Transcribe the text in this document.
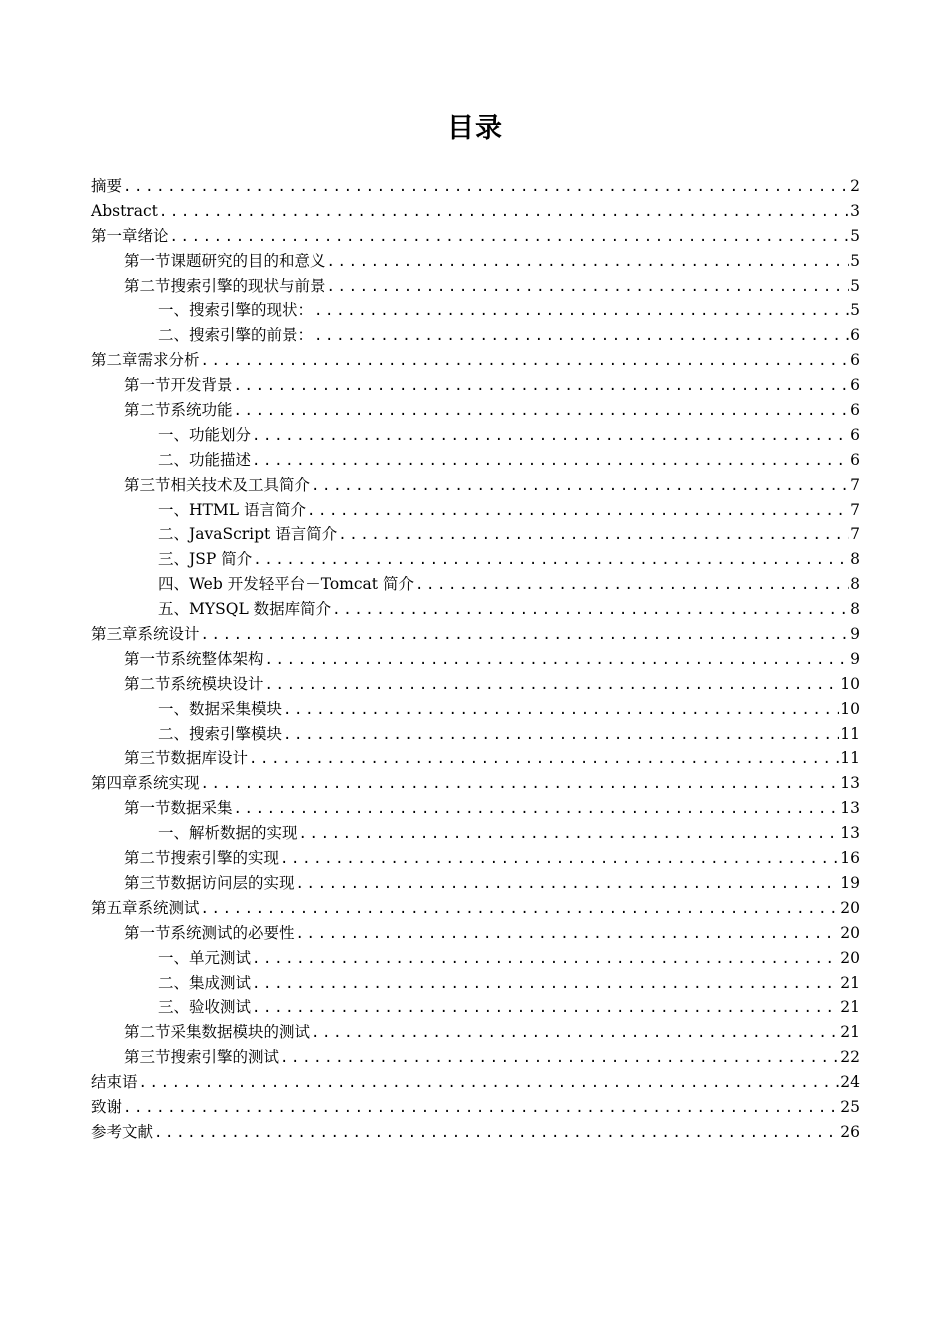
目录
摘要 .....	2
Abstract .....	3
第一章 绪论 .....	5
第一节 课题研究的目的和意义 .....	5
第二节 搜索引擎的现状与前景 .....	5
一、 搜索引擎的现状： .....	5
二、 搜索引擎的前景： .....	6
第二章 需求分析 .....	6
第一节 开发背景 .....	6
第二节 系统功能 .....	6
一、 功能划分 .....	6
二、 功能描述 .....	6
第三节 相关技术及工具简介 .....	7
一、 HTML 语言简介 .....	7
二、 JavaScript 语言简介 .....	7
三、 JSP 简介 .....	8
四、 Web 开发轻平台－Tomcat 简介 .....	8
五、 MYSQL 数据库简介 .....	8
第三章 系统设计 .....	9
第一节 系统整体架构 .....	9
第二节 系统模块设计 .....	10
一、 数据采集模块 .....	10
二、 搜索引擎模块 .....	11
第三节 数据库设计 .....	11
第四章 系统实现 .....	13
第一节 数据采集 .....	13
一、 解析数据的实现 .....	13
第二节 搜索引擎的实现 .....	16
第三节 数据访问层的实现 .....	19
第五章 系统测试 .....	20
第一节 系统测试的必要性 .....	20
一、 单元测试 .....	20
二、 集成测试 .....	21
三、 验收测试 .....	21
第二节 采集数据模块的测试 .....	21
第三节 搜索引擎的测试 .....	22
结束语 .....	24
致谢 .....	25
参考文献 .....	26
